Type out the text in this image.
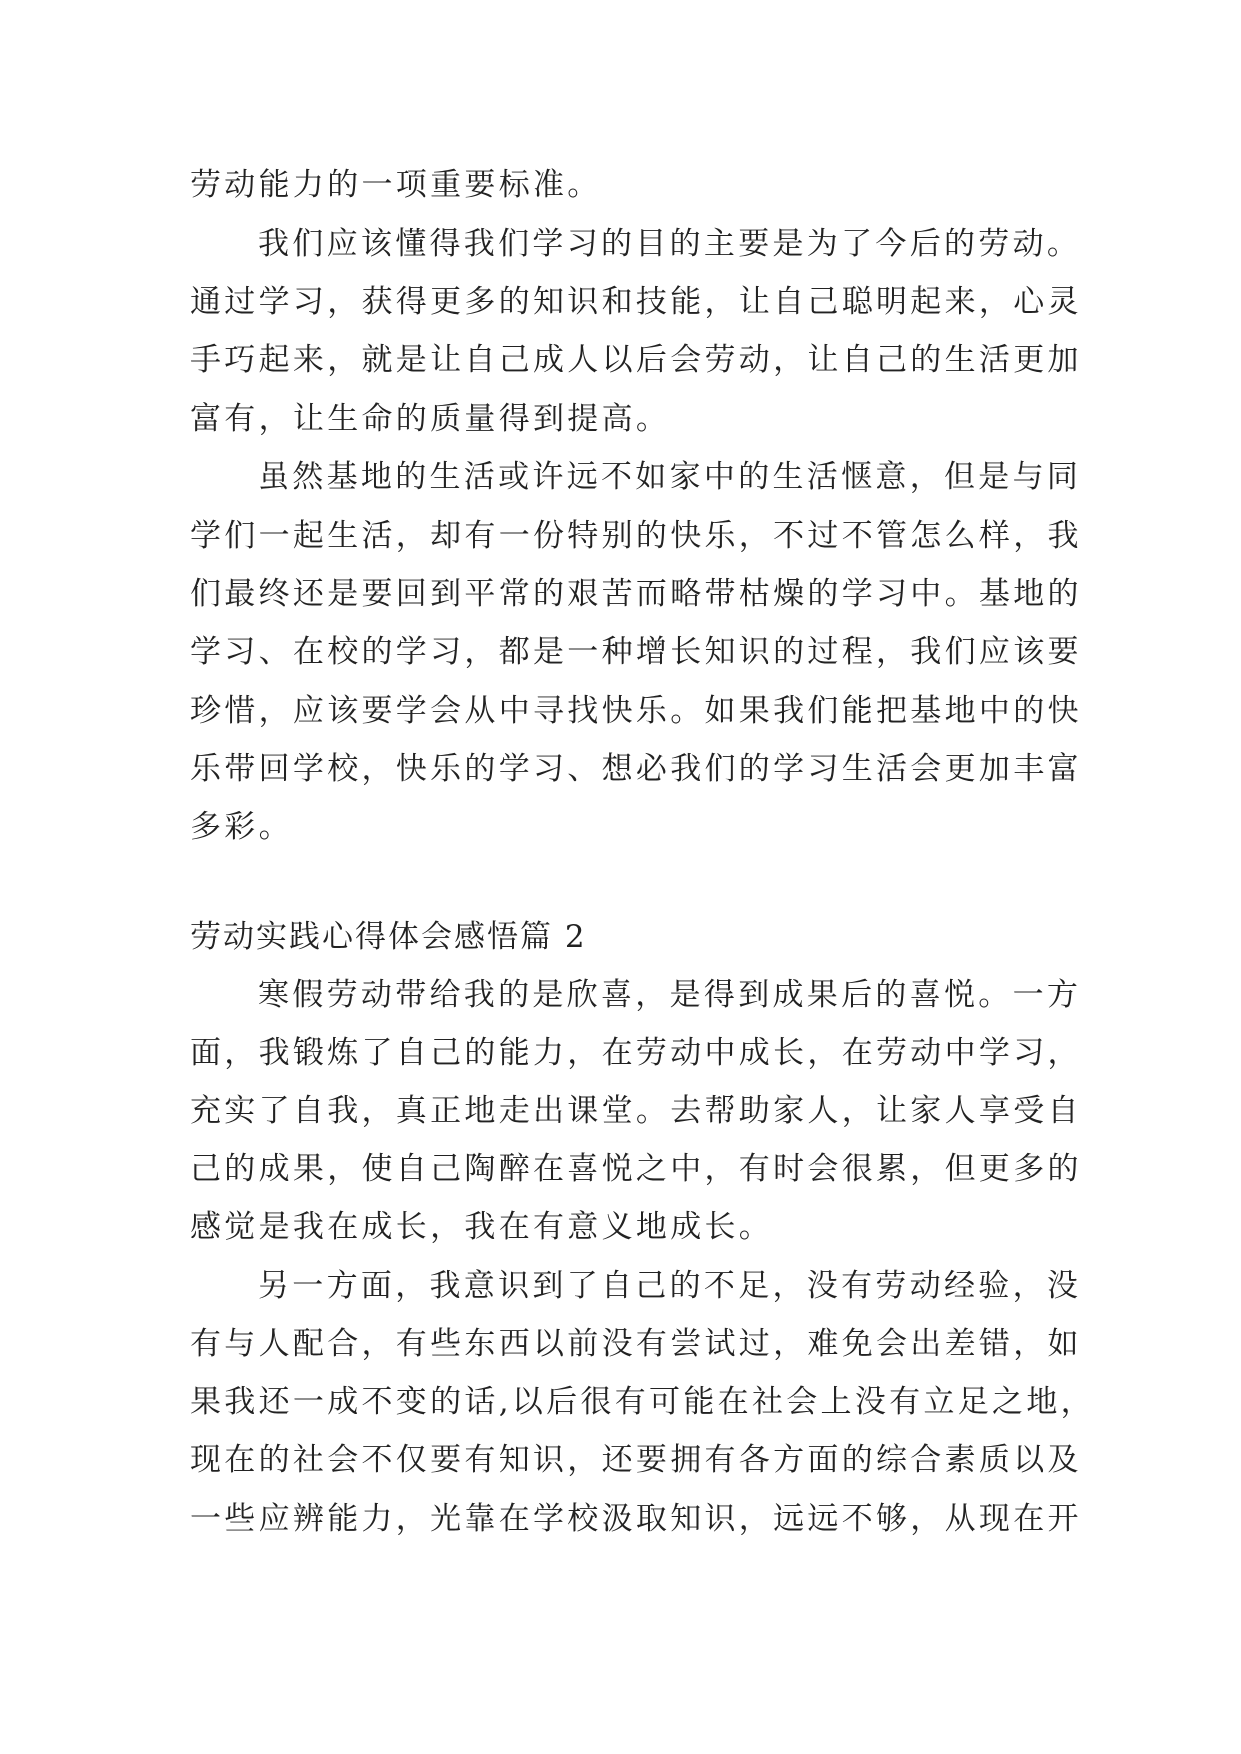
劳动能力的一项重要标准。
我们应该懂得我们学习的目的主要是为了今后的劳动。
通过学习，获得更多的知识和技能，让自己聪明起来，心灵
手巧起来，就是让自己成人以后会劳动，让自己的生活更加
富有，让生命的质量得到提高。
虽然基地的生活或许远不如家中的生活惬意，但是与同
学们一起生活，却有一份特别的快乐，不过不管怎么样，我
们最终还是要回到平常的艰苦而略带枯燥的学习中。基地的
学习、在校的学习，都是一种增长知识的过程，我们应该要
珍惜，应该要学会从中寻找快乐。如果我们能把基地中的快
乐带回学校，快乐的学习、想必我们的学习生活会更加丰富
多彩。
劳动实践心得体会感悟篇 2
寒假劳动带给我的是欣喜，是得到成果后的喜悦。一方
面，我锻炼了自己的能力，在劳动中成长，在劳动中学习，
充实了自我，真正地走出课堂。去帮助家人，让家人享受自
己的成果，使自己陶醉在喜悦之中，有时会很累，但更多的
感觉是我在成长，我在有意义地成长。
另一方面，我意识到了自己的不足，没有劳动经验，没
有与人配合，有些东西以前没有尝试过，难免会出差错，如
果我还一成不变的话,以后很有可能在社会上没有立足之地，
现在的社会不仅要有知识，还要拥有各方面的综合素质以及
一些应辨能力，光靠在学校汲取知识，远远不够，从现在开
